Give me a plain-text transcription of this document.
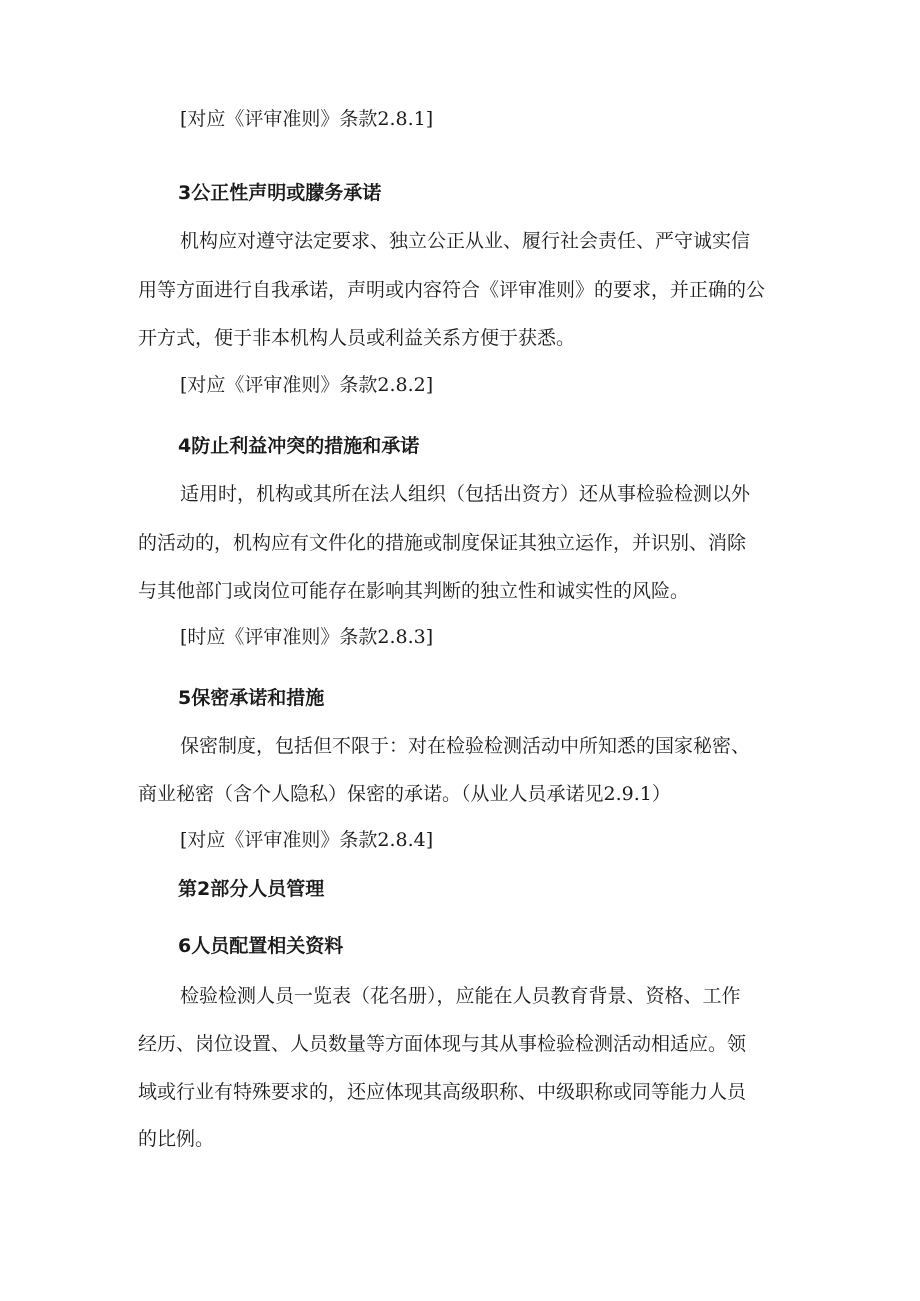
[对应《评审准则》条款2.8.1]
3公正性声明或朦务承诺
机构应对遵守法定要求、独立公正从业、履行社会责任、严守诚实信
用等方面进行自我承诺，声明或内容符合《评审准则》的要求，并正确的公
开方式，便于非本机构人员或利益关系方便于获悉。
[对应《评审准则》条款2.8.2]
4防止利益冲突的措施和承诺
适用时，机构或其所在法人组织（包括出资方）还从事检验检测以外
的活动的，机构应有文件化的措施或制度保证其独立运作，并识别、消除
与其他部门或岗位可能存在影响其判断的独立性和诚实性的风险。
[时应《评审准则》条款2.8.3]
5保密承诺和措施
保密制度，包括但不限于：对在检验检测活动中所知悉的国家秘密、
商业秘密（含个人隐私）保密的承诺。（从业人员承诺见2.9.1）
[对应《评审准则》条款2.8.4]
第2部分人员管理
6人员配置相关资料
检验检测人员一览表（花名册），应能在人员教育背景、资格、工作
经历、岗位设置、人员数量等方面体现与其从事检验检测活动相适应。领
域或行业有特殊要求的，还应体现其高级职称、中级职称或同等能力人员
的比例。
